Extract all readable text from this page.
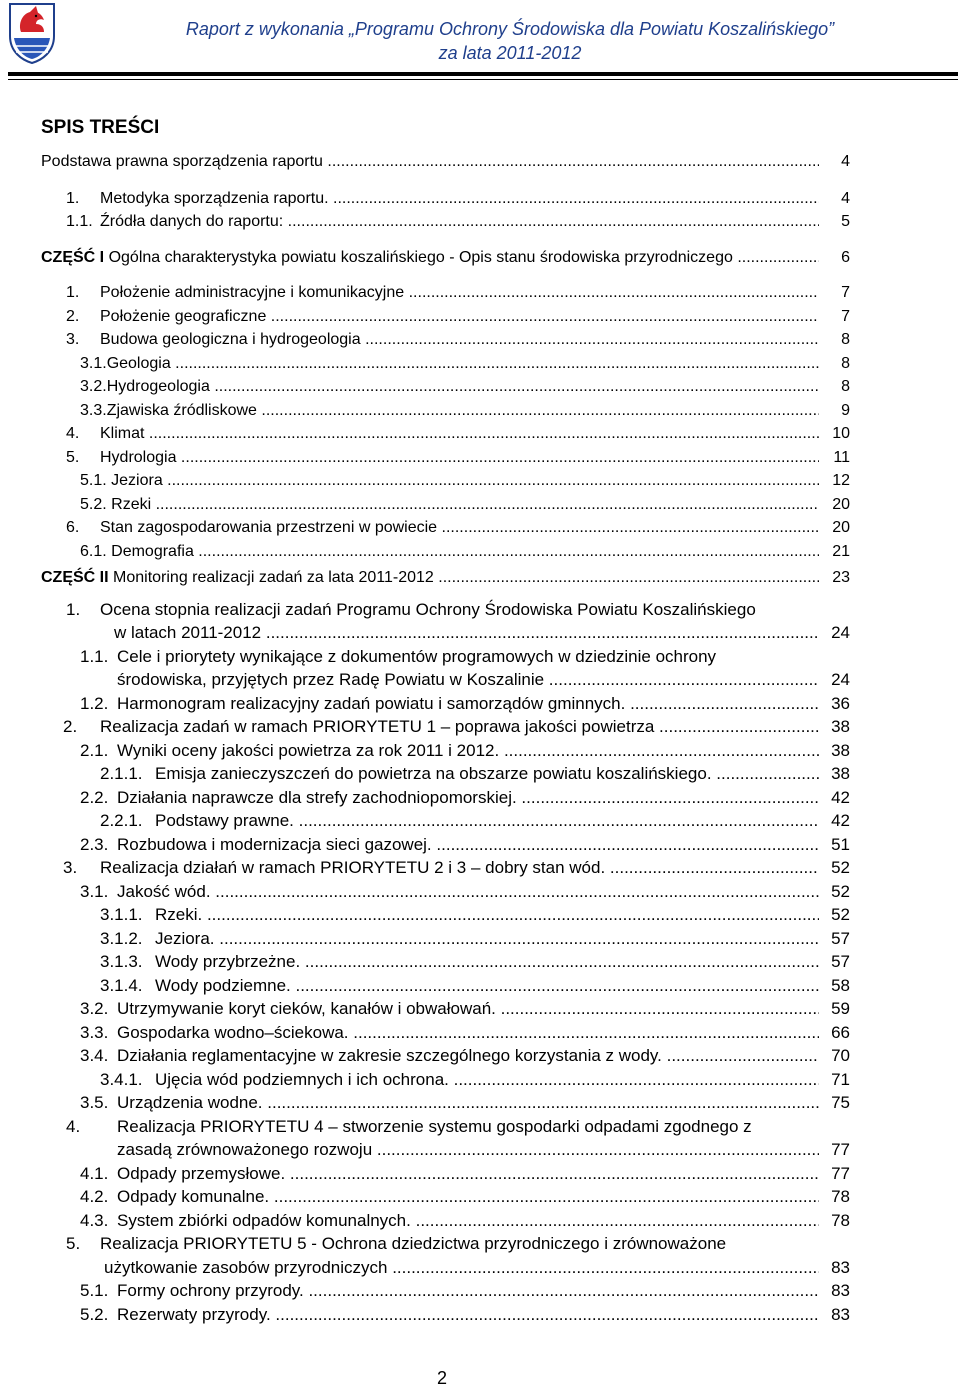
Raport z wykonania „Programu Ochrony Środowiska dla Powiatu Koszalińskiego”
za lata 2011-2012
SPIS TREŚCI
Podstawa prawna sporządzenia raportu .....	4
1. Metodyka sporządzenia raportu. .....	4
1.1. Źródła danych do raportu: .....	5
CZĘŚĆ I Ogólna charakterystyka powiatu koszalińskiego - Opis stanu środowiska przyrodniczego .....	6
1. Położenie administracyjne i komunikacyjne .....	7
2. Położenie geograficzne .....	7
3. Budowa geologiczna i hydrogeologia .....	8
3.1.Geologia .....	8
3.2.Hydrogeologia .....	8
3.3.Zjawiska źródliskowe .....	9
4. Klimat .....	10
5. Hydrologia .....	11
5.1. Jeziora .....	12
5.2. Rzeki .....	20
6. Stan zagospodarowania przestrzeni w powiecie .....	20
6.1. Demografia .....	21
CZĘŚĆ II Monitoring realizacji zadań za lata 2011-2012 .....	23
1. Ocena stopnia realizacji zadań Programu Ochrony Środowiska Powiatu Koszalińskiego
w latach 2011-2012 .....	24
1.1. Cele i priorytety wynikające z dokumentów programowych w dziedzinie ochrony
środowiska, przyjętych przez Radę Powiatu w Koszalinie .....	24
1.2. Harmonogram realizacyjny zadań powiatu i samorządów gminnych. .....	36
2. Realizacja zadań w ramach PRIORYTETU 1 – poprawa jakości powietrza .....	38
2.1. Wyniki oceny jakości powietrza za rok 2011 i 2012. .....	38
2.1.1. Emisja zanieczyszczeń do powietrza na obszarze powiatu koszalińskiego. .....	38
2.2. Działania naprawcze dla strefy zachodniopomorskiej. .....	42
2.2.1. Podstawy prawne. .....	42
2.3. Rozbudowa i modernizacja sieci gazowej. .....	51
3. Realizacja działań w ramach PRIORYTETU 2 i 3 – dobry stan wód. .....	52
3.1. Jakość wód. .....	52
3.1.1. Rzeki. .....	52
3.1.2. Jeziora. .....	57
3.1.3. Wody przybrzeżne. .....	57
3.1.4. Wody podziemne. .....	58
3.2. Utrzymywanie koryt cieków, kanałów i obwałowań. .....	59
3.3. Gospodarka wodno–ściekowa. .....	66
3.4. Działania reglamentacyjne w zakresie szczególnego korzystania z wody. .....	70
3.4.1. Ujęcia wód podziemnych i ich ochrona. .....	71
3.5. Urządzenia wodne. .....	75
4. Realizacja PRIORYTETU 4 – stworzenie systemu gospodarki odpadami zgodnego z
zasadą zrównoważonego rozwoju .....	77
4.1. Odpady przemysłowe. .....	77
4.2. Odpady komunalne. .....	78
4.3. System zbiórki odpadów komunalnych. .....	78
5. Realizacja PRIORYTETU 5 - Ochrona dziedzictwa przyrodniczego i zrównoważone
użytkowanie zasobów przyrodniczych .....	83
5.1. Formy ochrony przyrody. .....	83
5.2. Rezerwaty przyrody. .....	83
2
